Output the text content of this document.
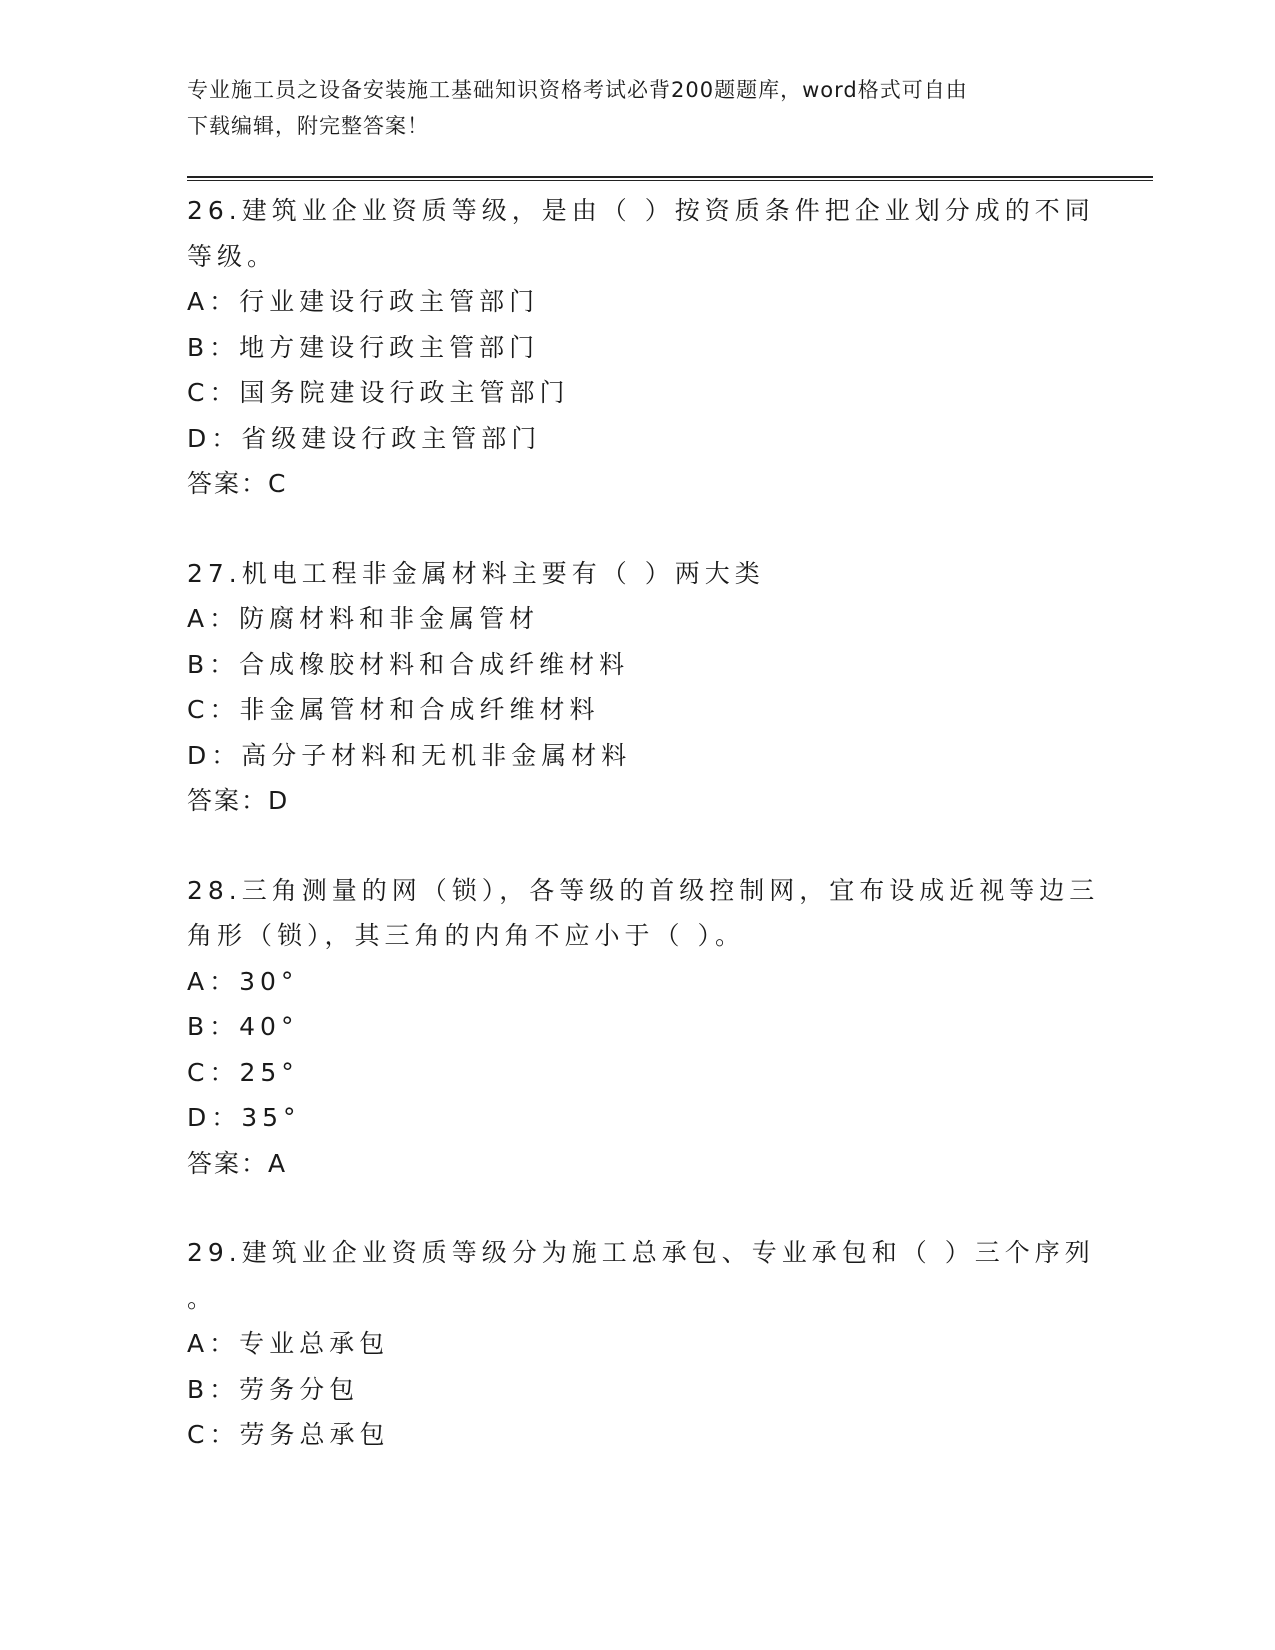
专业施工员之设备安装施工基础知识资格考试必背200题题库，word格式可自由
下载编辑，附完整答案！
26.建筑业企业资质等级，是由（ ）按资质条件把企业划分成的不同
等级。
A：行业建设行政主管部门
B：地方建设行政主管部门
C：国务院建设行政主管部门
D：省级建设行政主管部门
答案：C
27.机电工程非金属材料主要有（ ）两大类
A：防腐材料和非金属管材
B：合成橡胶材料和合成纤维材料
C：非金属管材和合成纤维材料
D：高分子材料和无机非金属材料
答案：D
28.三角测量的网（锁），各等级的首级控制网，宜布设成近视等边三
角形（锁），其三角的内角不应小于（ ）。
A：30°
B：40°
C：25°
D：35°
答案：A
29.建筑业企业资质等级分为施工总承包、专业承包和（ ）三个序列
。
A：专业总承包
B：劳务分包
C：劳务总承包
